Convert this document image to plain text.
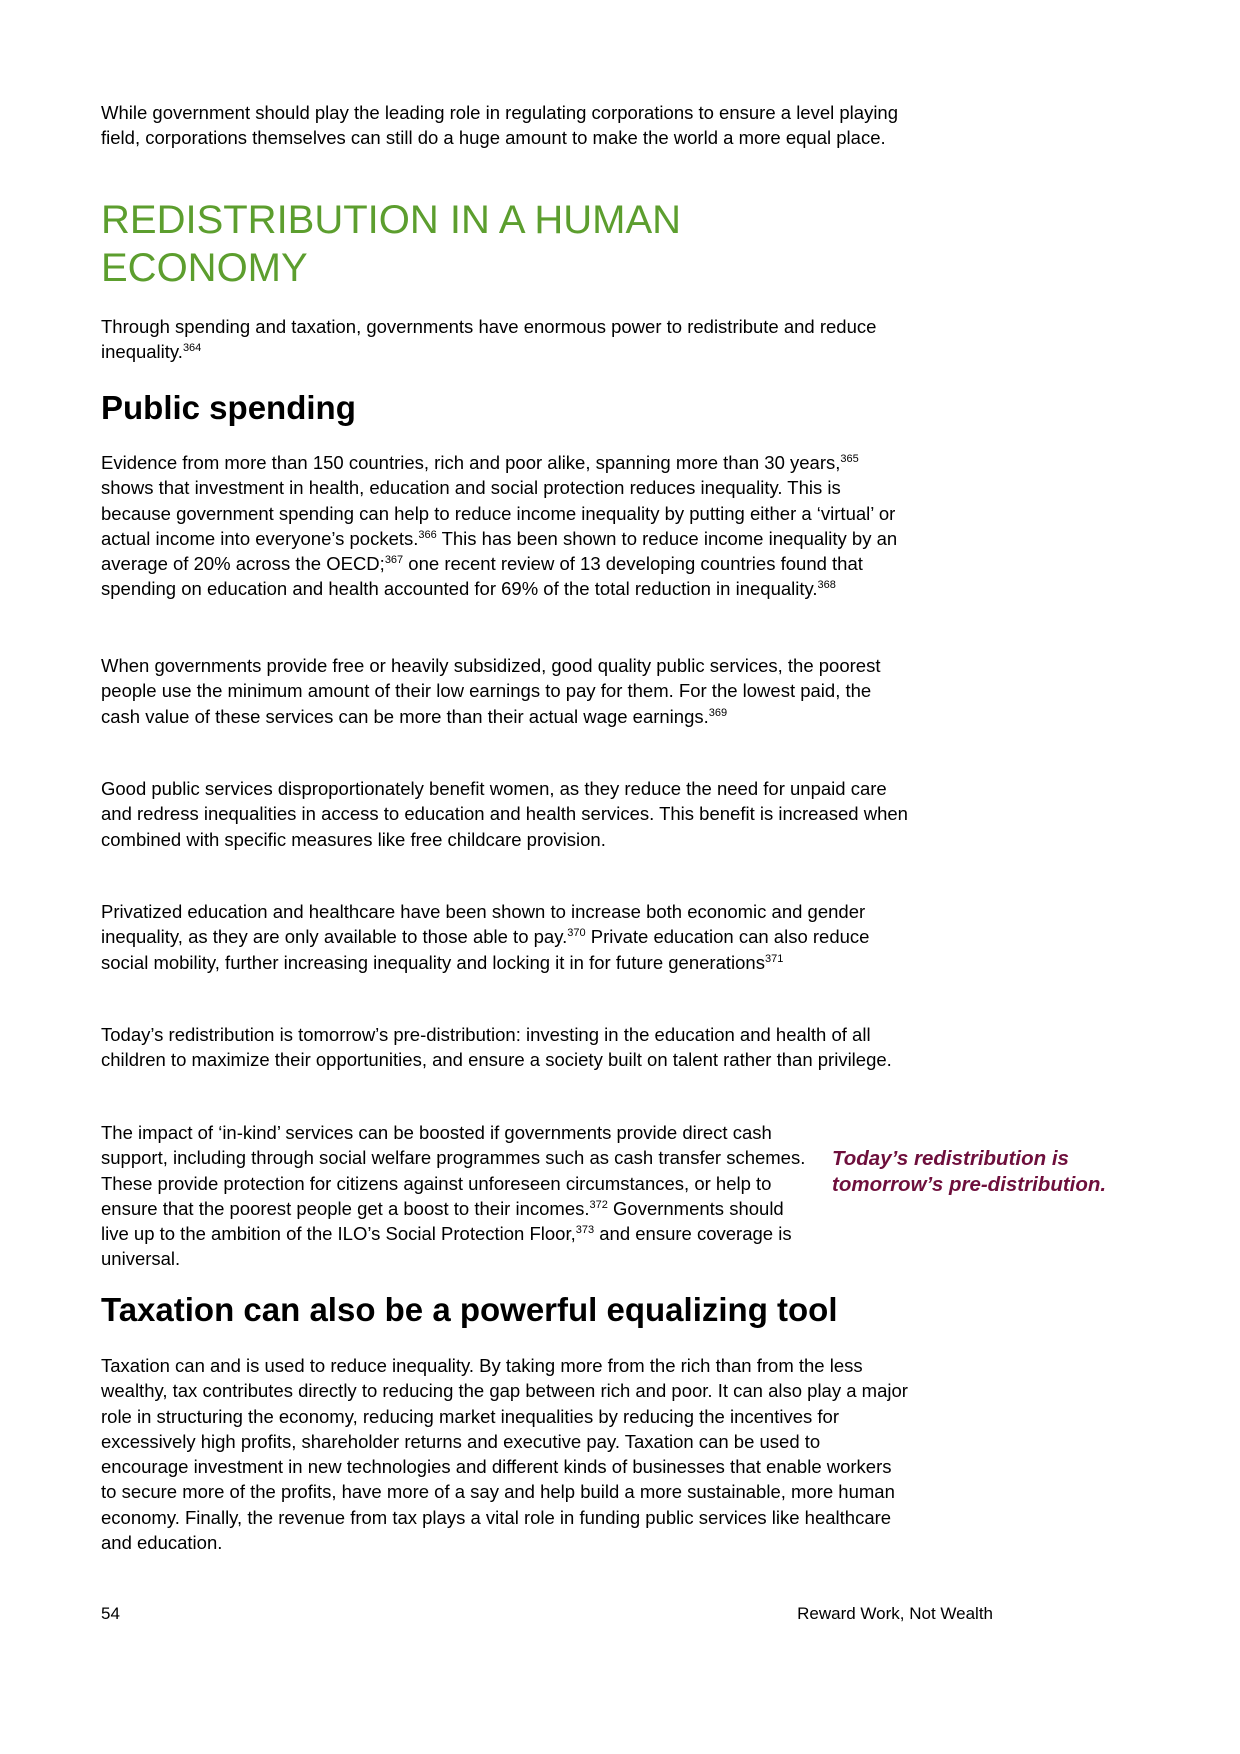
While government should play the leading role in regulating corporations to ensure a level playing field, corporations themselves can still do a huge amount to make the world a more equal place.

REDISTRIBUTION IN A HUMAN ECONOMY

Through spending and taxation, governments have enormous power to redistribute and reduce inequality.$^{364}$

Public spending

Evidence from more than 150 countries, rich and poor alike, spanning more than 30 years,$^{365}$ shows that investment in health, education and social protection reduces inequality. This is because government spending can help to reduce income inequality by putting either a ‘virtual’ or actual income into everyone’s pockets.$^{366}$ This has been shown to reduce income inequality by an average of 20% across the OECD;$^{367}$ one recent review of 13 developing countries found that spending on education and health accounted for 69% of the total reduction in inequality.$^{368}$

When governments provide free or heavily subsidized, good quality public services, the poorest people use the minimum amount of their low earnings to pay for them. For the lowest paid, the cash value of these services can be more than their actual wage earnings.$^{369}$

Good public services disproportionately benefit women, as they reduce the need for unpaid care and redress inequalities in access to education and health services. This benefit is increased when combined with specific measures like free childcare provision.

Privatized education and healthcare have been shown to increase both economic and gender inequality, as they are only available to those able to pay.$^{370}$ Private education can also reduce social mobility, further increasing inequality and locking it in for future generations$^{371}$

Today’s redistribution is tomorrow’s pre-distribution: investing in the education and health of all children to maximize their opportunities, and ensure a society built on talent rather than privilege.

The impact of ‘in-kind’ services can be boosted if governments provide direct cash support, including through social welfare programmes such as cash transfer schemes. These provide protection for citizens against unforeseen circumstances, or help to ensure that the poorest people get a boost to their incomes.$^{372}$ Governments should live up to the ambition of the ILO’s Social Protection Floor,$^{373}$ and ensure coverage is universal.

Today’s redistribution is
tomorrow’s pre-distribution.
Taxation can also be a powerful equalizing tool

Taxation can and is used to reduce inequality. By taking more from the rich than from the less wealthy, tax contributes directly to reducing the gap between rich and poor. It can also play a major role in structuring the economy, reducing market inequalities by reducing the incentives for excessively high profits, shareholder returns and executive pay. Taxation can be used to encourage investment in new technologies and different kinds of businesses that enable workers to secure more of the profits, have more of a say and help build a more sustainable, more human economy. Finally, the revenue from tax plays a vital role in funding public services like healthcare and education.

54	Reward Work, Not Wealth
